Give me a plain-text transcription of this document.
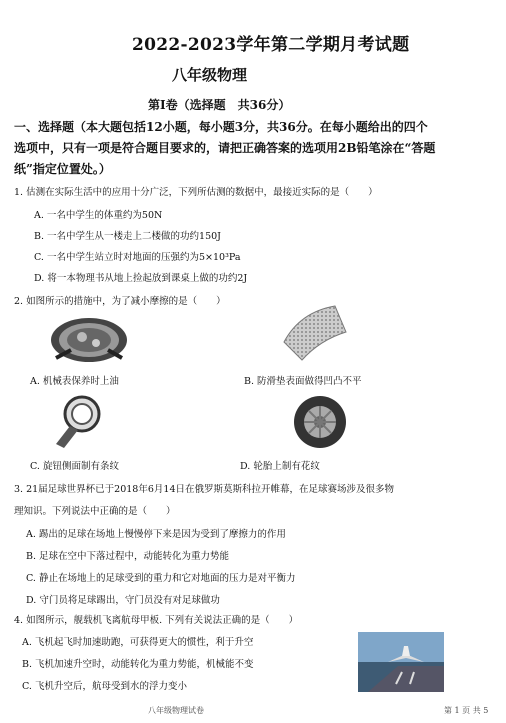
2022-2023学年第二学期月考试题
八年级物理
第Ⅰ卷（选择题　共36分）
一、选择题（本大题包括12小题，每小题3分，共36分。在每小题给出的四个
选项中，只有一项是符合题目要求的，请把正确答案的选项用2B铅笔涂在“答题
纸”指定位置处。）
1. 估测在实际生活中的应用十分广泛，下列所估测的数据中，最接近实际的是（　　）
A. 一名中学生的体重约为50N
B. 一名中学生从一楼走上二楼做的功约150J
C. 一名中学生站立时对地面的压强约为5×10³Pa
D. 将一本物理书从地上捡起放到课桌上做的功约2J
2. 如图所示的措施中，为了减小摩擦的是（　　）
A. 机械表保养时上油	B. 防滑垫表面做得凹凸不平
C. 旋钮侧面制有条纹	D. 轮胎上制有花纹
3. 21届足球世界杯已于2018年6月14日在俄罗斯莫斯科拉开帷幕，在足球赛场涉及很多物
理知识。下列说法中正确的是（　　）
A. 踢出的足球在场地上慢慢停下来是因为受到了摩擦力的作用
B. 足球在空中下落过程中，动能转化为重力势能
C. 静止在场地上的足球受到的重力和它对地面的压力是对平衡力
D. 守门员将足球踢出，守门员没有对足球做功
4. 如图所示，舰载机飞离航母甲板. 下列有关说法正确的是（　　）
A. 飞机起飞时加速助跑，可获得更大的惯性，利于升空
B. 飞机加速升空时，动能转化为重力势能，机械能不变
C. 飞机升空后，航母受到水的浮力变小
八年级物理试卷	第 1 页 共 5
